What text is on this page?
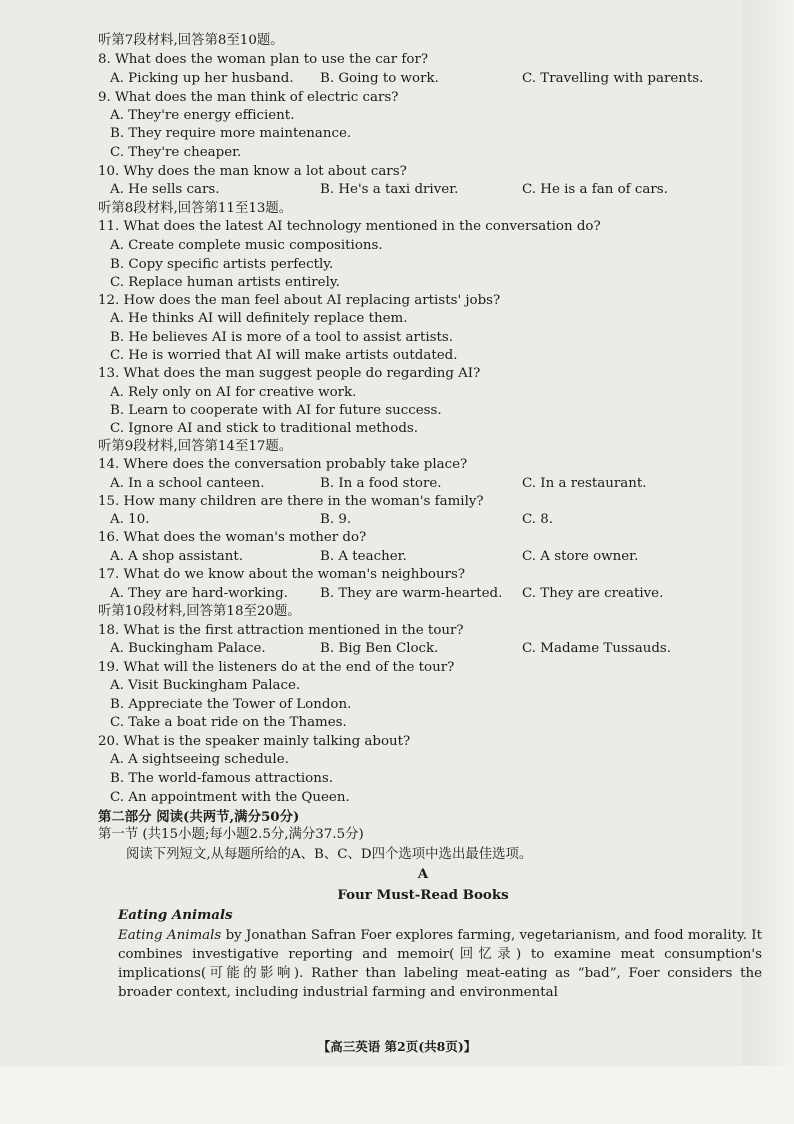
听第7段材料,回答第8至10题。
8. What does the woman plan to use the car for?
A. Picking up her husband. B. Going to work.	C. Travelling with parents.
9. What does the man think of electric cars?
A. They're energy efficient.
B. They require more maintenance.
C. They're cheaper.
10. Why does the man know a lot about cars?
A. He sells cars.	B. He's a taxi driver.	C. He is a fan of cars.
听第8段材料,回答第11至13题。
11. What does the latest AI technology mentioned in the conversation do?
A. Create complete music compositions.
B. Copy specific artists perfectly.
C. Replace human artists entirely.
12. How does the man feel about AI replacing artists' jobs?
A. He thinks AI will definitely replace them.
B. He believes AI is more of a tool to assist artists.
C. He is worried that AI will make artists outdated.
13. What does the man suggest people do regarding AI?
A. Rely only on AI for creative work.
B. Learn to cooperate with AI for future success.
C. Ignore AI and stick to traditional methods.
听第9段材料,回答第14至17题。
14. Where does the conversation probably take place?
A. In a school canteen.	B. In a food store.	C. In a restaurant.
15. How many children are there in the woman's family?
A. 10.	B. 9.	C. 8.
16. What does the woman's mother do?
A. A shop assistant.	B. A teacher.	C. A store owner.
17. What do we know about the woman's neighbours?
A. They are hard-working. B. They are warm-hearted. C. They are creative.
听第10段材料,回答第18至20题。
18. What is the first attraction mentioned in the tour?
A. Buckingham Palace.	B. Big Ben Clock.	C. Madame Tussauds.
19. What will the listeners do at the end of the tour?
A. Visit Buckingham Palace.
B. Appreciate the Tower of London.
C. Take a boat ride on the Thames.
20. What is the speaker mainly talking about?
A. A sightseeing schedule.
B. The world-famous attractions.
C. An appointment with the Queen.
第二部分 阅读(共两节,满分50分)
第一节 (共15小题;每小题2.5分,满分37.5分)
阅读下列短文,从每题所给的A、B、C、D四个选项中选出最佳选项。
A
Four Must-Read Books
Eating Animals
Eating Animals by Jonathan Safran Foer explores farming, vegetarianism, and food morality. It combines investigative reporting and memoir(回忆录) to examine meat consumption's implications(可能的影响). Rather than labeling meat-eating as “bad”, Foer considers the broader context, including industrial farming and environmental
【高三英语 第2页(共8页)】
